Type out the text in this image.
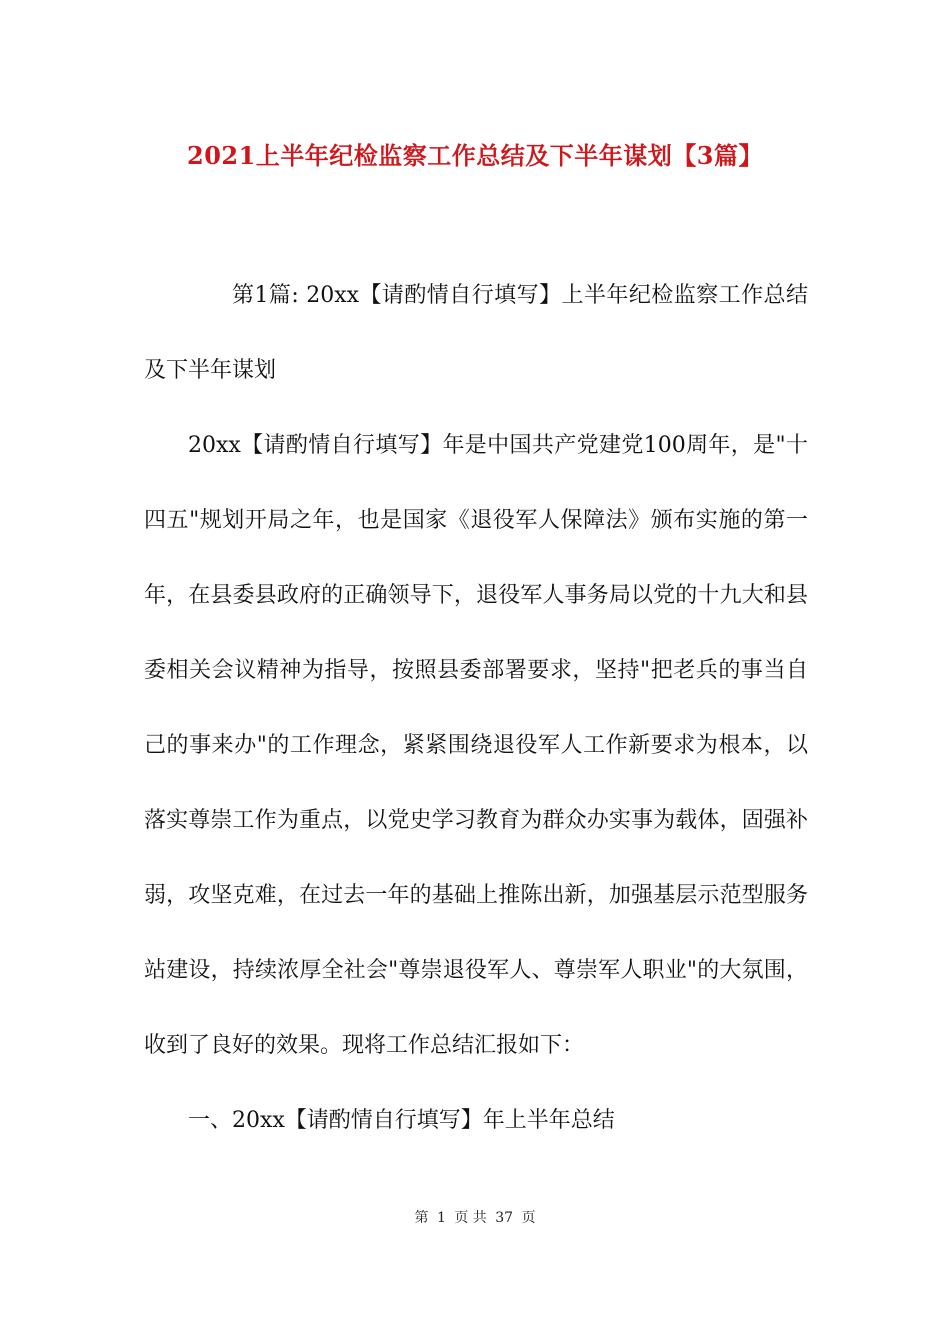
2021上半年纪检监察工作总结及下半年谋划【3篇】

第1篇: 20xx【请酌情自行填写】上半年纪检监察工作总结及下半年谋划

20xx【请酌情自行填写】年是中国共产党建党100周年，是"十四五"规划开局之年，也是国家《退役军人保障法》颁布实施的第一年，在县委县政府的正确领导下，退役军人事务局以党的十九大和县委相关会议精神为指导，按照县委部署要求，坚持"把老兵的事当自己的事来办"的工作理念，紧紧围绕退役军人工作新要求为根本，以落实尊崇工作为重点，以党史学习教育为群众办实事为载体，固强补弱，攻坚克难，在过去一年的基础上推陈出新，加强基层示范型服务站建设，持续浓厚全社会"尊崇退役军人、尊崇军人职业"的大氛围，收到了良好的效果。现将工作总结汇报如下：

一、20xx【请酌情自行填写】年上半年总结

第 1 页 共 37 页
